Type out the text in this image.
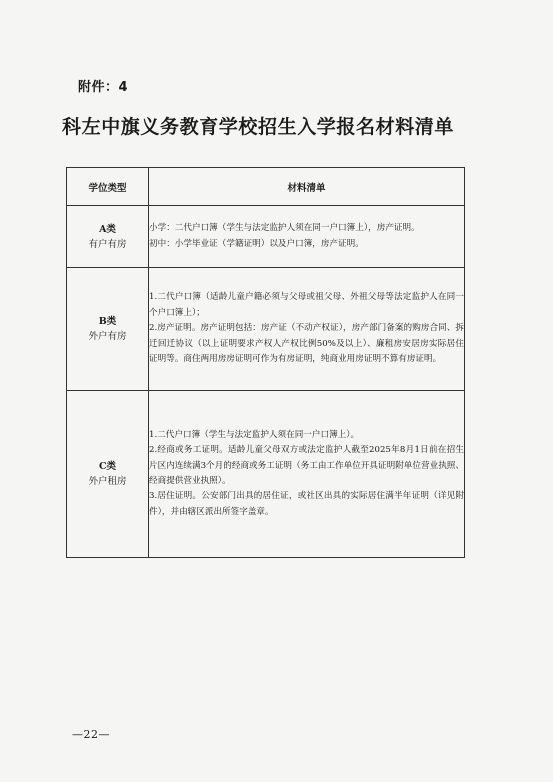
附件：4
科左中旗义务教育学校招生入学报名材料清单
学位类型	材料清单

A类
有户有房	小学：二代户口簿（学生与法定监护人须在同一户口簿上），房产证明。
初中：小学毕业证（学籍证明）以及户口簿，房产证明。

B类
外户有房	1.二代户口簿（适龄儿童户籍必须与父母或祖父母、外祖父母等法定监护人在同一个户口簿上）；
2.房产证明。房产证明包括：房产证（不动产权证），房产部门备案的购房合同、拆迁回迁协议（以上证明要求产权人产权比例50%及以上）、廉租房安居房实际居住证明等。商住两用房房证明可作为有房证明，纯商业用房证明不算有房证明。

C类
外户租房	1.二代户口簿（学生与法定监护人须在同一户口簿上）。
2.经商或务工证明。适龄儿童父母双方或法定监护人截至2025年8月1日前在招生片区内连续满3个月的经商或务工证明（务工由工作单位开具证明附单位营业执照、经商提供营业执照）。
3.居住证明。公安部门出具的居住证，或社区出具的实际居住满半年证明（详见附件），并由辖区派出所签字盖章。
—22—
